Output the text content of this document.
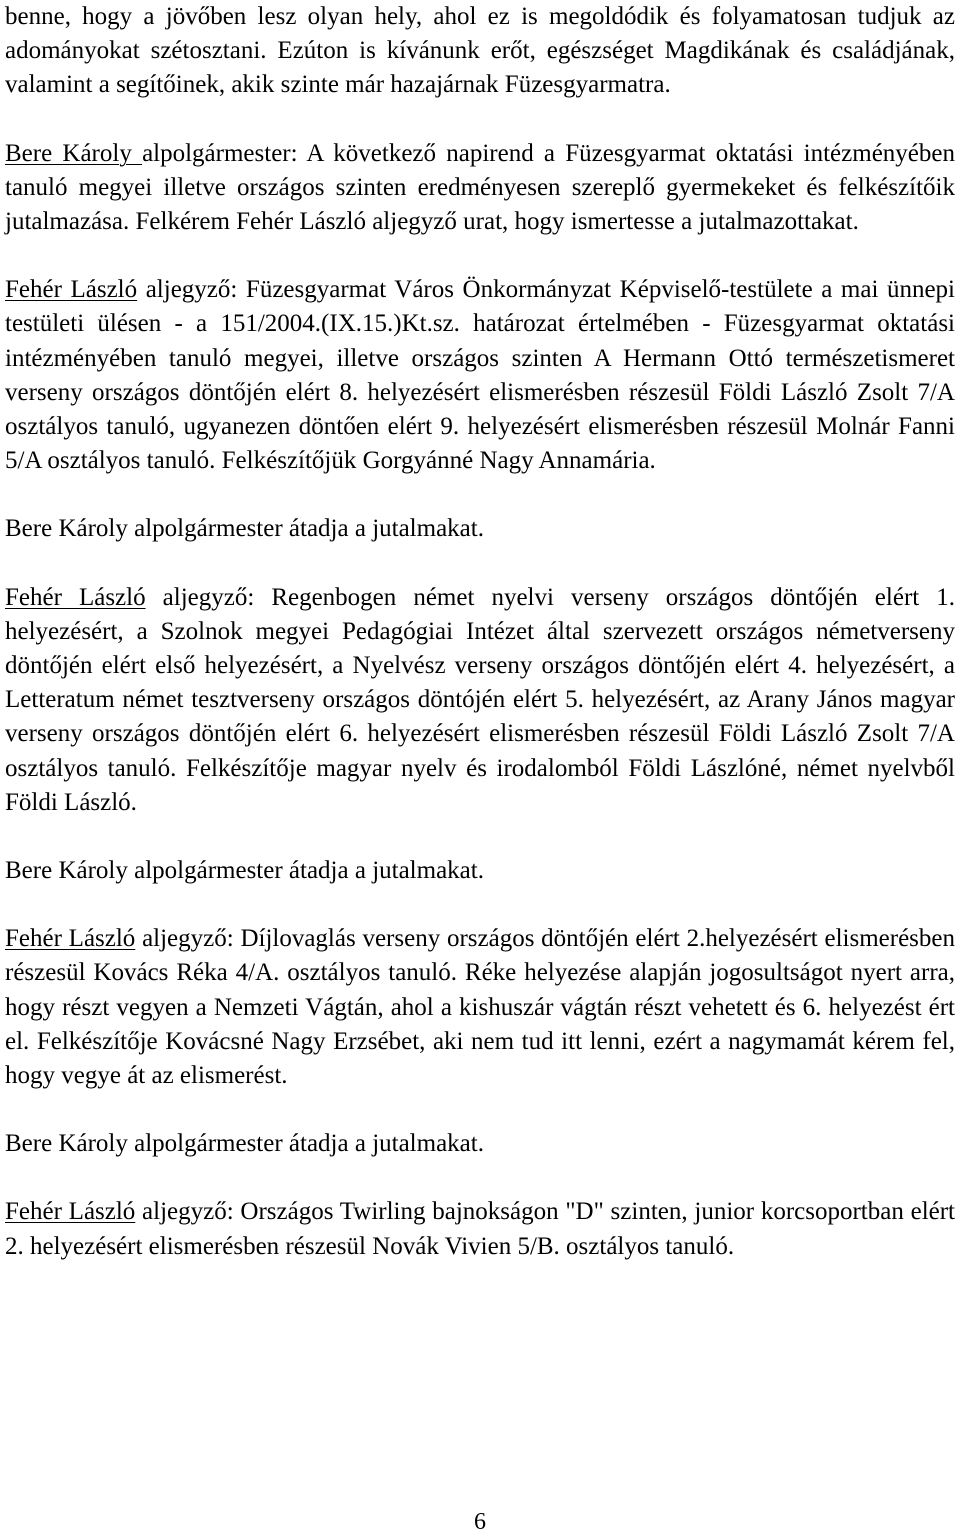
benne, hogy a jövőben lesz olyan hely, ahol ez is megoldódik és folyamatosan tudjuk az adományokat szétosztani. Ezúton is kívánunk erőt, egészséget Magdikának és családjának, valamint a segítőinek, akik szinte már hazajárnak Füzesgyarmatra.

Bere Károly alpolgármester: A következő napirend a Füzesgyarmat oktatási intézményében tanuló megyei illetve országos szinten eredményesen szereplő gyermekeket és felkészítőik jutalmazása. Felkérem Fehér László aljegyző urat, hogy ismertesse a jutalmazottakat.

Fehér László aljegyző: Füzesgyarmat Város Önkormányzat Képviselő-testülete a mai ünnepi testületi ülésen - a 151/2004.(IX.15.)Kt.sz. határozat értelmében - Füzesgyarmat oktatási intézményében tanuló megyei, illetve országos szinten A Hermann Ottó természetismeret verseny országos döntőjén elért 8. helyezésért elismerésben részesül Földi László Zsolt 7/A osztályos tanuló, ugyanezen döntően elért 9. helyezésért elismerésben részesül Molnár Fanni 5/A osztályos tanuló. Felkészítőjük Gorgyánné Nagy Annamária.

Bere Károly alpolgármester átadja a jutalmakat.

Fehér László aljegyző: Regenbogen német nyelvi verseny országos döntőjén elért 1. helyezésért, a Szolnok megyei Pedagógiai Intézet által szervezett országos németverseny döntőjén elért első helyezésért, a Nyelvész verseny országos döntőjén elért 4. helyezésért, a Letteratum német tesztverseny országos döntójén elért 5. helyezésért, az Arany János magyar verseny országos döntőjén elért 6. helyezésért elismerésben részesül Földi László Zsolt 7/A osztályos tanuló. Felkészítője magyar nyelv és irodalomból Földi Lászlóné, német nyelvből Földi László.

Bere Károly alpolgármester átadja a jutalmakat.

Fehér László aljegyző: Díjlovaglás verseny országos döntőjén elért 2.helyezésért elismerésben részesül Kovács Réka 4/A. osztályos tanuló. Réke helyezése alapján jogosultságot nyert arra, hogy részt vegyen a Nemzeti Vágtán, ahol a kishuszár vágtán részt vehetett és 6. helyezést ért el. Felkészítője Kovácsné Nagy Erzsébet, aki nem tud itt lenni, ezért a nagymamát kérem fel, hogy vegye át az elismerést.

Bere Károly alpolgármester átadja a jutalmakat.

Fehér László aljegyző: Országos Twirling bajnokságon "D" szinten, junior korcsoportban elért 2. helyezésért elismerésben részesül Novák Vivien 5/B. osztályos tanuló.

6
